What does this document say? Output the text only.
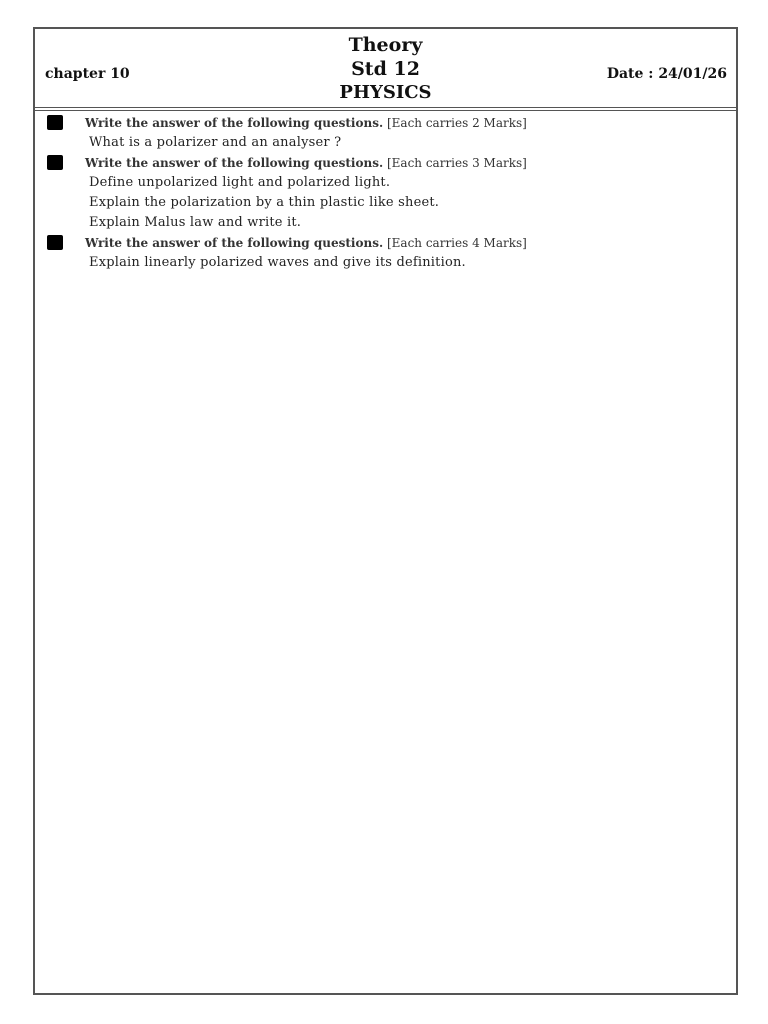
chapter 10
Theory
Std 12
PHYSICS
Date : 24/01/26
Write the answer of the following questions. [Each carries 2 Marks]
What is a polarizer and an analyser ?
Write the answer of the following questions. [Each carries 3 Marks]
Define unpolarized light and polarized light.
Explain the polarization by a thin plastic like sheet.
Explain Malus law and write it.
Write the answer of the following questions. [Each carries 4 Marks]
Explain linearly polarized waves and give its definition.
